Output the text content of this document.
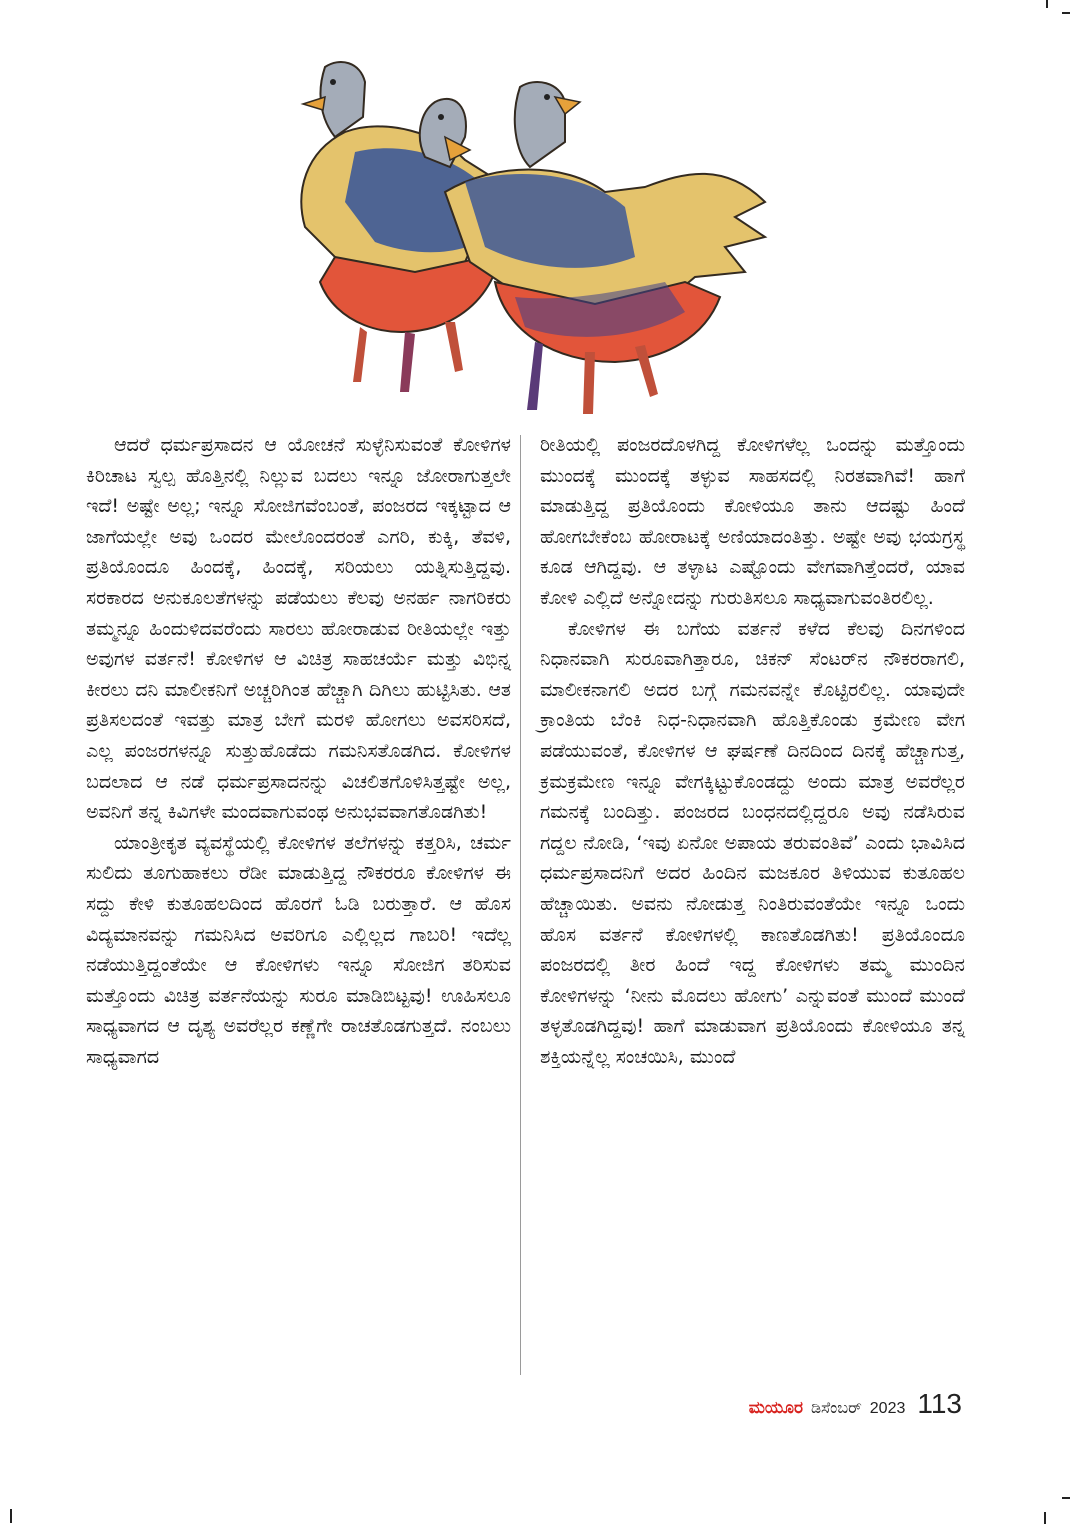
ಆದರೆ ಧರ್ಮಪ್ರಸಾದನ ಆ ಯೋಚನೆ ಸುಳ್ಳೆನಿಸುವಂತೆ ಕೋಳಿಗಳ ಕಿರಿಚಾಟ ಸ್ವಲ್ಪ ಹೊತ್ತಿನಲ್ಲಿ ನಿಲ್ಲುವ ಬದಲು ಇನ್ನೂ ಜೋರಾಗುತ್ತಲೇ ಇದೆ! ಅಷ್ಟೇ ಅಲ್ಲ; ಇನ್ನೂ ಸೋಜಿಗವೆಂಬಂತೆ, ಪಂಜರದ ಇಕ್ಕಟ್ಟಾದ ಆ ಜಾಗೆಯಲ್ಲೇ ಅವು ಒಂದರ ಮೇಲೊಂದರಂತೆ ಎಗರಿ, ಕುಕ್ಕಿ, ತೆವಳಿ, ಪ್ರತಿಯೊಂದೂ ಹಿಂದಕ್ಕೆ, ಹಿಂದಕ್ಕೆ, ಸರಿಯಲು ಯತ್ನಿಸುತ್ತಿದ್ದವು. ಸರಕಾರದ ಅನುಕೂಲತೆಗಳನ್ನು ಪಡೆಯಲು ಕೆಲವು ಅನರ್ಹ ನಾಗರಿಕರು ತಮ್ಮನ್ನೂ ಹಿಂದುಳಿದವರೆಂದು ಸಾರಲು ಹೋರಾಡುವ ರೀತಿಯಲ್ಲೇ ಇತ್ತು ಅವುಗಳ ವರ್ತನೆ! ಕೋಳಿಗಳ ಆ ವಿಚಿತ್ರ ಸಾಹಚರ್ಯೆ ಮತ್ತು ವಿಭಿನ್ನ ಕೀರಲು ದನಿ ಮಾಲೀಕನಿಗೆ ಅಚ್ಚರಿಗಿಂತ ಹೆಚ್ಚಾಗಿ ದಿಗಿಲು ಹುಟ್ಟಿಸಿತು. ಆತ ಪ್ರತಿಸಲದಂತೆ ಇವತ್ತು ಮಾತ್ರ ಬೇಗೆ ಮರಳಿ ಹೋಗಲು ಅವಸರಿಸದೆ, ಎಲ್ಲ ಪಂಜರಗಳನ್ನೂ ಸುತ್ತುಹೊಡೆದು ಗಮನಿಸತೊಡಗಿದ. ಕೋಳಿಗಳ ಬದಲಾದ ಆ ನಡೆ ಧರ್ಮಪ್ರಸಾದನನ್ನು ವಿಚಲಿತಗೊಳಿಸಿತ್ತಷ್ಟೇ ಅಲ್ಲ, ಅವನಿಗೆ ತನ್ನ ಕಿವಿಗಳೇ ಮಂದವಾಗುವಂಥ ಅನುಭವವಾಗತೊಡಗಿತು!

ಯಾಂತ್ರೀಕೃತ ವ್ಯವಸ್ಥೆಯಲ್ಲಿ ಕೋಳಿಗಳ ತಲೆಗಳನ್ನು ಕತ್ತರಿಸಿ, ಚರ್ಮ ಸುಲಿದು ತೂಗುಹಾಕಲು ರೆಡೀ ಮಾಡುತ್ತಿದ್ದ ನೌಕರರೂ ಕೋಳಿಗಳ ಈ ಸದ್ದು ಕೇಳಿ ಕುತೂಹಲದಿಂದ ಹೊರಗೆ ಓಡಿ ಬರುತ್ತಾರೆ. ಆ ಹೊಸ ವಿದ್ಯಮಾನವನ್ನು ಗಮನಿಸಿದ ಅವರಿಗೂ ಎಲ್ಲಿಲ್ಲದ ಗಾಬರಿ! ಇದೆಲ್ಲ ನಡೆಯುತ್ತಿದ್ದಂತೆಯೇ ಆ ಕೋಳಿಗಳು ಇನ್ನೂ ಸೋಜಿಗ ತರಿಸುವ ಮತ್ತೊಂದು ವಿಚಿತ್ರ ವರ್ತನೆಯನ್ನು ಸುರೂ ಮಾಡಿಬಿಟ್ಟವು! ಊಹಿಸಲೂ ಸಾಧ್ಯವಾಗದ ಆ ದೃಶ್ಯ ಅವರೆಲ್ಲರ ಕಣ್ಣೆಗೇ ರಾಚತೊಡಗುತ್ತದೆ. ನಂಬಲು ಸಾಧ್ಯವಾಗದ

ರೀತಿಯಲ್ಲಿ ಪಂಜರದೊಳಗಿದ್ದ ಕೋಳಿಗಳೆಲ್ಲ ಒಂದನ್ನು ಮತ್ತೊಂದು ಮುಂದಕ್ಕೆ ಮುಂದಕ್ಕೆ ತಳ್ಳುವ ಸಾಹಸದಲ್ಲಿ ನಿರತವಾಗಿವೆ! ಹಾಗೆ ಮಾಡುತ್ತಿದ್ದ ಪ್ರತಿಯೊಂದು ಕೋಳಿಯೂ ತಾನು ಆದಷ್ಟು ಹಿಂದೆ ಹೋಗಬೇಕೆಂಬ ಹೋರಾಟಕ್ಕೆ ಅಣಿಯಾದಂತಿತ್ತು. ಅಷ್ಟೇ ಅವು ಭಯಗ್ರಸ್ಥ ಕೂಡ ಆಗಿದ್ದವು. ಆ ತಳ್ಳಾಟ ಎಷ್ಟೊಂದು ವೇಗವಾಗಿತ್ತೆಂದರೆ, ಯಾವ ಕೋಳಿ ಎಲ್ಲಿದೆ ಅನ್ನೋದನ್ನು ಗುರುತಿಸಲೂ ಸಾಧ್ಯವಾಗುವಂತಿರಲಿಲ್ಲ.

ಕೋಳಿಗಳ ಈ ಬಗೆಯ ವರ್ತನೆ ಕಳೆದ ಕೆಲವು ದಿನಗಳಿಂದ ನಿಧಾನವಾಗಿ ಸುರೂವಾಗಿತ್ತಾರೂ, ಚಿಕನ್ ಸೆಂಟರ್‌ನ ನೌಕರರಾಗಲಿ, ಮಾಲೀಕನಾಗಲಿ ಅದರ ಬಗ್ಗೆ ಗಮನವನ್ನೇ ಕೊಟ್ಟಿರಲಿಲ್ಲ. ಯಾವುದೇ ಕ್ರಾಂತಿಯ ಬೆಂಕಿ ನಿಧ-ನಿಧಾನವಾಗಿ ಹೊತ್ತಿಕೊಂಡು ಕ್ರಮೇಣ ವೇಗ ಪಡೆಯುವಂತೆ, ಕೋಳಿಗಳ ಆ ಘರ್ಷಣೆ ದಿನದಿಂದ ದಿನಕ್ಕೆ ಹೆಚ್ಚಾಗುತ್ತ, ಕ್ರಮಕ್ರಮೇಣ ಇನ್ನೂ ವೇಗಕ್ಕಿಟ್ಟುಕೊಂಡದ್ದು ಅಂದು ಮಾತ್ರ ಅವರೆಲ್ಲರ ಗಮನಕ್ಕೆ ಬಂದಿತ್ತು. ಪಂಜರದ ಬಂಧನದಲ್ಲಿದ್ದರೂ ಅವು ನಡೆಸಿರುವ ಗದ್ದಲ ನೋಡಿ, ‘ಇವು ಏನೋ ಅಪಾಯ ತರುವಂತಿವೆ’ ಎಂದು ಭಾವಿಸಿದ ಧರ್ಮಪ್ರಸಾದನಿಗೆ ಅದರ ಹಿಂದಿನ ಮಜಕೂರ ತಿಳಿಯುವ ಕುತೂಹಲ ಹೆಚ್ಚಾಯಿತು. ಅವನು ನೋಡುತ್ತ ನಿಂತಿರುವಂತೆಯೇ ಇನ್ನೂ ಒಂದು ಹೊಸ ವರ್ತನೆ ಕೋಳಿಗಳಲ್ಲಿ ಕಾಣತೊಡಗಿತು! ಪ್ರತಿಯೊಂದೂ ಪಂಜರದಲ್ಲಿ ತೀರ ಹಿಂದೆ ಇದ್ದ ಕೋಳಿಗಳು ತಮ್ಮ ಮುಂದಿನ ಕೋಳಿಗಳನ್ನು ‘ನೀನು ಮೊದಲು ಹೋಗು’ ಎನ್ನುವಂತೆ ಮುಂದೆ ಮುಂದೆ ತಳ್ಳತೊಡಗಿದ್ದವು! ಹಾಗೆ ಮಾಡುವಾಗ ಪ್ರತಿಯೊಂದು ಕೋಳಿಯೂ ತನ್ನ ಶಕ್ತಿಯನ್ನೆಲ್ಲ ಸಂಚಯಿಸಿ, ಮುಂದೆ

ಮಯೂರ ಡಿಸೆಂಬರ್ 2023 113
